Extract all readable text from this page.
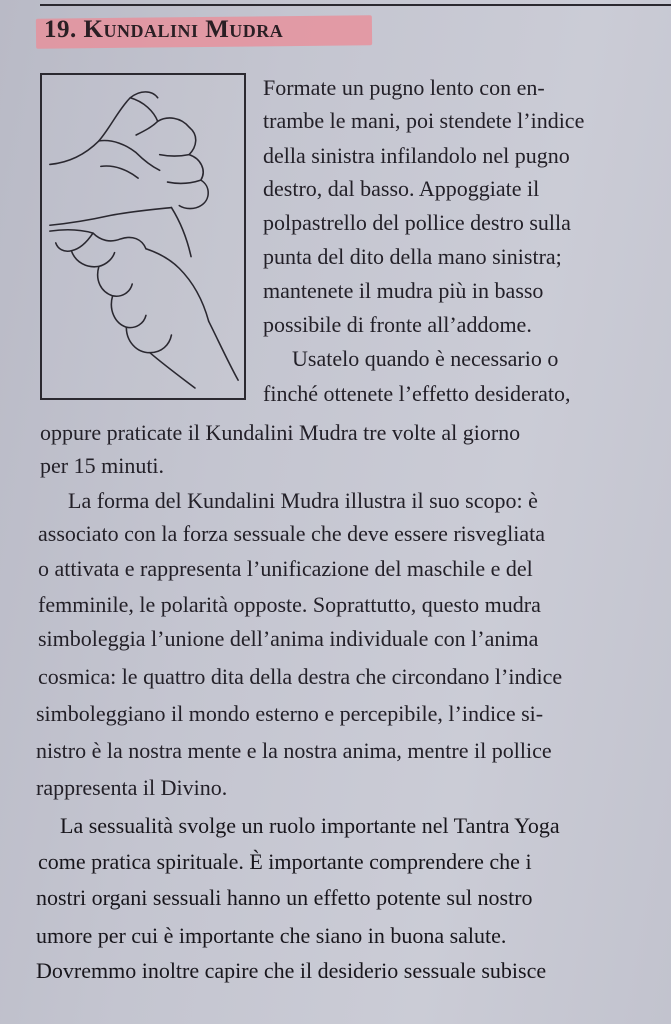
19. Kundalini Mudra

Formate un pugno lento con en-

trambe le mani, poi stendete l’indice

della sinistra infilandolo nel pugno

destro, dal basso. Appoggiate il

polpastrello del pollice destro sulla

punta del dito della mano sinistra;

mantenete il mudra più in basso

possibile di fronte all’addome.

Usatelo quando è necessario o

finché ottenete l’effetto desiderato,

oppure praticate il Kundalini Mudra tre volte al giorno

per 15 minuti.

La forma del Kundalini Mudra illustra il suo scopo: è

associato con la forza sessuale che deve essere risvegliata

o attivata e rappresenta l’unificazione del maschile e del

femminile, le polarità opposte. Soprattutto, questo mudra

simboleggia l’unione dell’anima individuale con l’anima

cosmica: le quattro dita della destra che circondano l’indice

simboleggiano il mondo esterno e percepibile, l’indice si-

nistro è la nostra mente e la nostra anima, mentre il pollice

rappresenta il Divino.

La sessualità svolge un ruolo importante nel Tantra Yoga

come pratica spirituale. È importante comprendere che i

nostri organi sessuali hanno un effetto potente sul nostro

umore per cui è importante che siano in buona salute.

Dovremmo inoltre capire che il desiderio sessuale subisce
